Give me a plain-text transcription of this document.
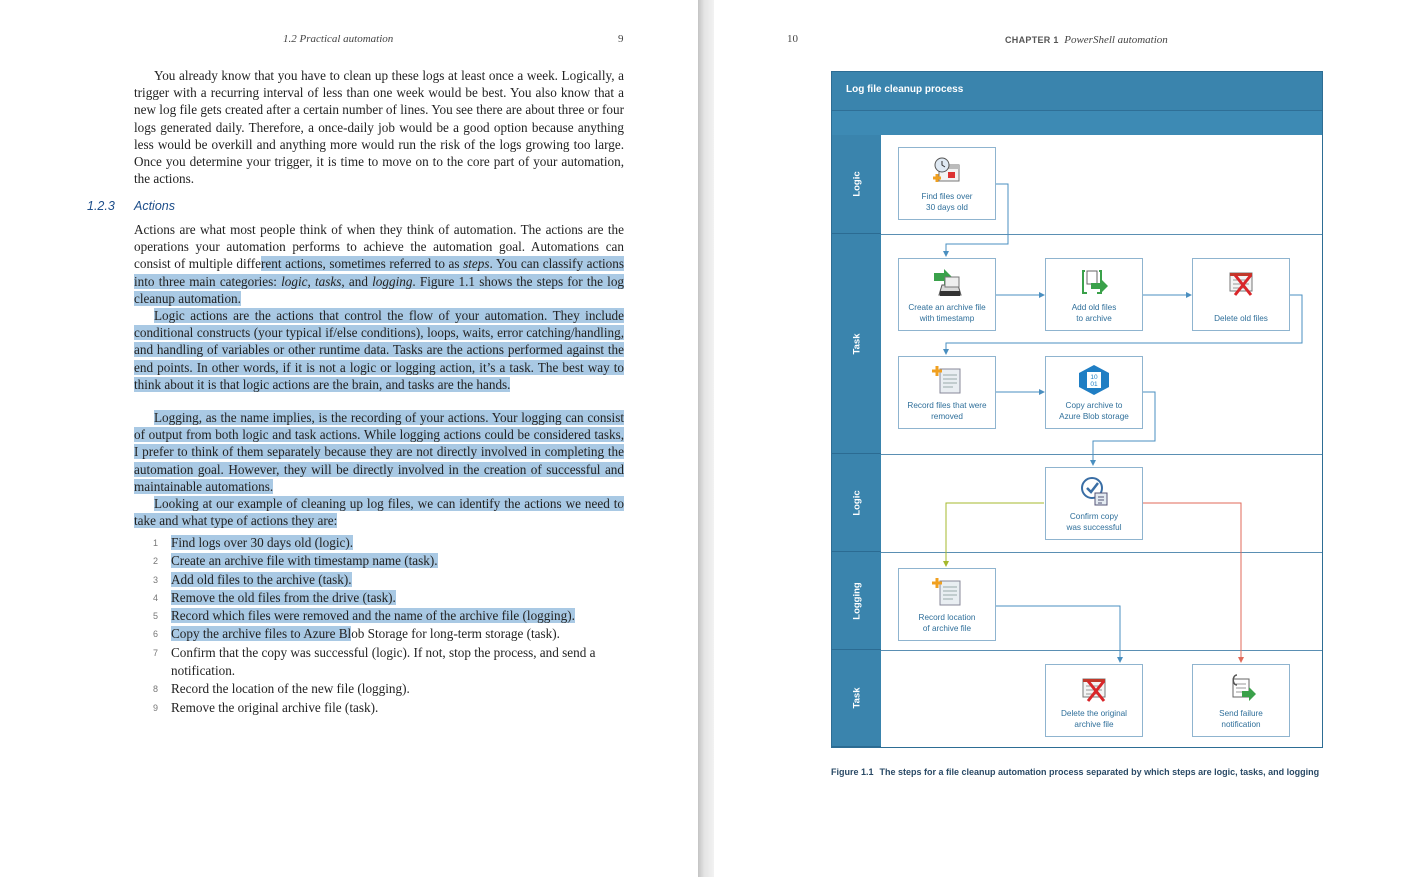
1.2 Practical automation	9

You already know that you have to clean up these logs at least once a week. Logically, a trigger with a recurring interval of less than one week would be best. You also know that a new log file gets created after a certain number of lines. You see there are about three or four logs generated daily. Therefore, a once-daily job would be a good option because anything less would be overkill and anything more would run the risk of the logs growing too large. Once you determine your trigger, it is time to move on to the core part of your automation, the actions.

1.2.3 Actions

Actions are what most people think of when they think of automation. The actions are the operations your automation performs to achieve the automation goal. Automations can consist of multiple different actions, sometimes referred to as steps. You can classify actions into three main categories: logic, tasks, and logging. Figure 1.1 shows the steps for the log cleanup automation.

Logic actions are the actions that control the flow of your automation. They include conditional constructs (your typical if/else conditions), loops, waits, error catching/handling, and handling of variables or other runtime data. Tasks are the actions performed against the end points. In other words, if it is not a logic or logging action, it’s a task. The best way to think about it is that logic actions are the brain, and tasks are the hands.

Logging, as the name implies, is the recording of your actions. Your logging can consist of output from both logic and task actions. While logging actions could be considered tasks, I prefer to think of them separately because they are not directly involved in completing the automation goal. However, they will be directly involved in the creation of successful and maintainable automations.

Looking at our example of cleaning up log files, we can identify the actions we need to take and what type of actions they are:

1 Find logs over 30 days old (logic).
2 Create an archive file with timestamp name (task).
3 Add old files to the archive (task).
4 Remove the old files from the drive (task).
5 Record which files were removed and the name of the archive file (logging).
6 Copy the archive files to Azure Blob Storage for long-term storage (task).
7 Confirm that the copy was successful (logic). If not, stop the process, and send a notification.
8 Record the location of the new file (logging).
9 Remove the original archive file (task).
10	CHAPTER 1 PowerShell automation
Log file cleanup process
Logic
Task
Logic
Logging
Task
Find files over
30 days old
Create an archive file
with timestamp
Add old files
to archive	Delete old files
Record files that were
removed
10
01
Copy archive to
Azure Blob storage
Confirm copy
was successful
Record location
of archive file
Delete the original
archive file
Send failure
notification
Figure 1.1 The steps for a file cleanup automation process separated by which steps are logic, tasks, and logging
